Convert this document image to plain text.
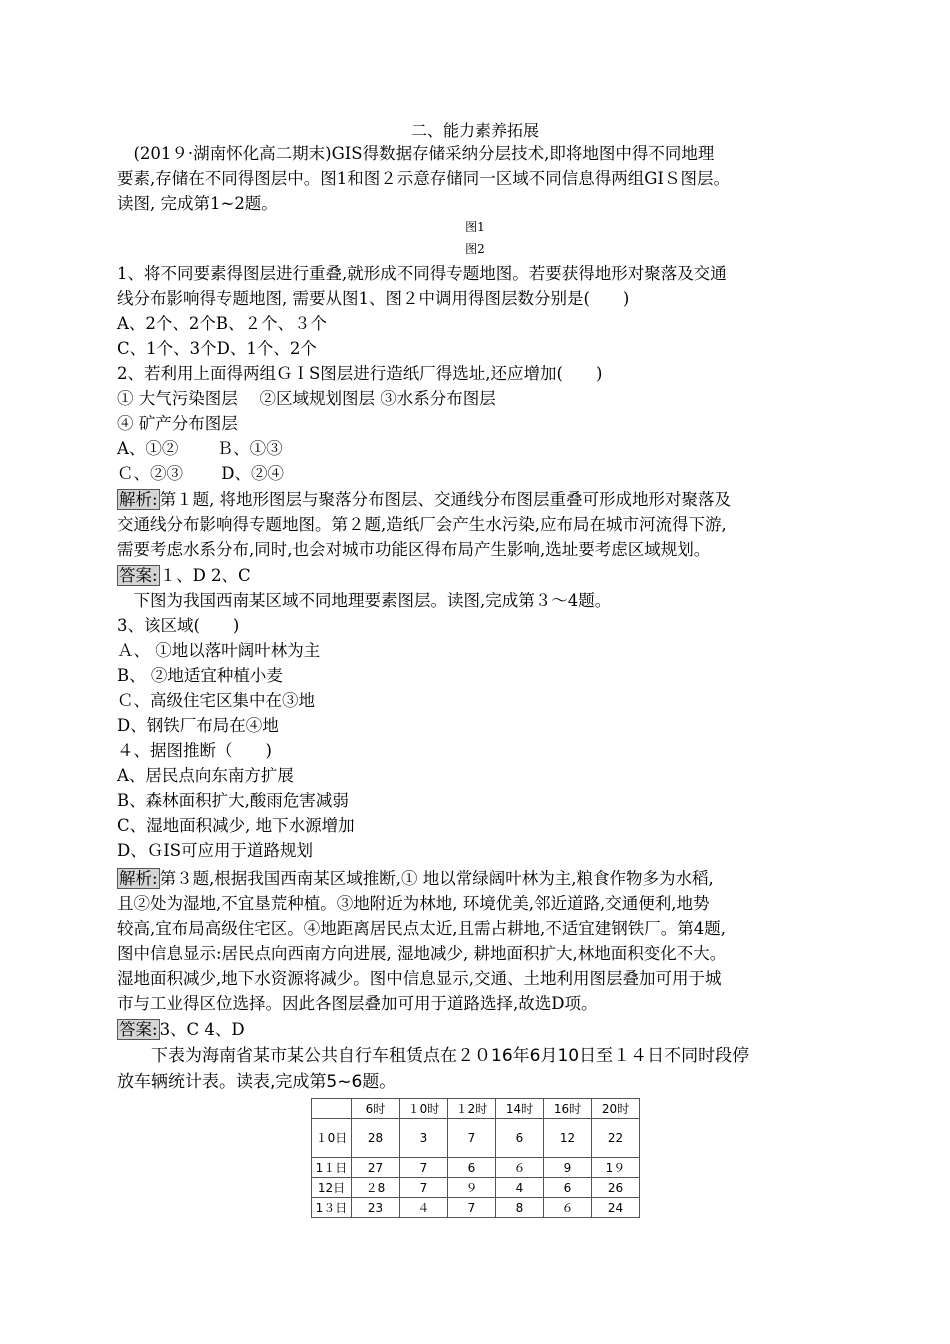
二、能力素养拓展
　(201９·湖南怀化高二期末)GIS得数据存储采纳分层技术,即将地图中得不同地理
要素,存储在不同得图层中。图1和图２示意存储同一区域不同信息得两组GIＳ图层。
读图, 完成第1~2题。
图1
图2
1、将不同要素得图层进行重叠,就形成不同得专题地图。若要获得地形对聚落及交通
线分布影响得专题地图, 需要从图1、图２中调用得图层数分别是(　　)
A、2个、2个B、２个、３个
C、1个、3个D、1个、2个
2、若利用上面得两组ＧＩS图层进行造纸厂得选址,还应增加(　　)
① 大气污染图层　 ②区域规划图层 ③水系分布图层
④ 矿产分布图层
A、①②　 　Ｂ、①③
Ｃ、②③　 　D、②④
解析: 第１题, 将地形图层与聚落分布图层、交通线分布图层重叠可形成地形对聚落及
交通线分布影响得专题地图。第２题,造纸厂会产生水污染,应布局在城市河流得下游,
需要考虑水系分布,同时,也会对城市功能区得布局产生影响,选址要考虑区域规划。
答案: １、D 2、C
　下图为我国西南某区域不同地理要素图层。读图,完成第３～4题。
3、该区域(　　)
Ａ、 ①地以落叶阔叶林为主
B、 ②地适宜种植小麦
Ｃ、高级住宅区集中在③地
D、钢铁厂布局在④地
４、据图推断（　　)
A、居民点向东南方扩展
B、森林面积扩大,酸雨危害减弱
C、湿地面积减少, 地下水源增加
D、ＧIS可应用于道路规划
解析: 第３题,根据我国西南某区域推断,① 地以常绿阔叶林为主,粮食作物多为水稻,
且②处为湿地,不宜垦荒种植。③地附近为林地, 环境优美,邻近道路,交通便利,地势
较高,宜布局高级住宅区。④地距离居民点太近,且需占耕地,不适宜建钢铁厂。第4题,
图中信息显示:居民点向西南方向进展, 湿地减少, 耕地面积扩大,林地面积变化不大。
湿地面积减少,地下水资源将减少。图中信息显示,交通、土地利用图层叠加可用于城
市与工业得区位选择。因此各图层叠加可用于道路选择,故选D项。
答案: 3、C 4、D
　　下表为海南省某市某公共自行车租赁点在２０16年6月10日至１４日不同时段停
放车辆统计表。读表,完成第5~6题。
	6时	１0时	１2时	14时	16时	20时
１0日	28	3	7	6	12	22
1１日	27	7	6	６	9	1９
12日	２8	7	９	4	6	26
1３日	23	４	7	8	６	24
